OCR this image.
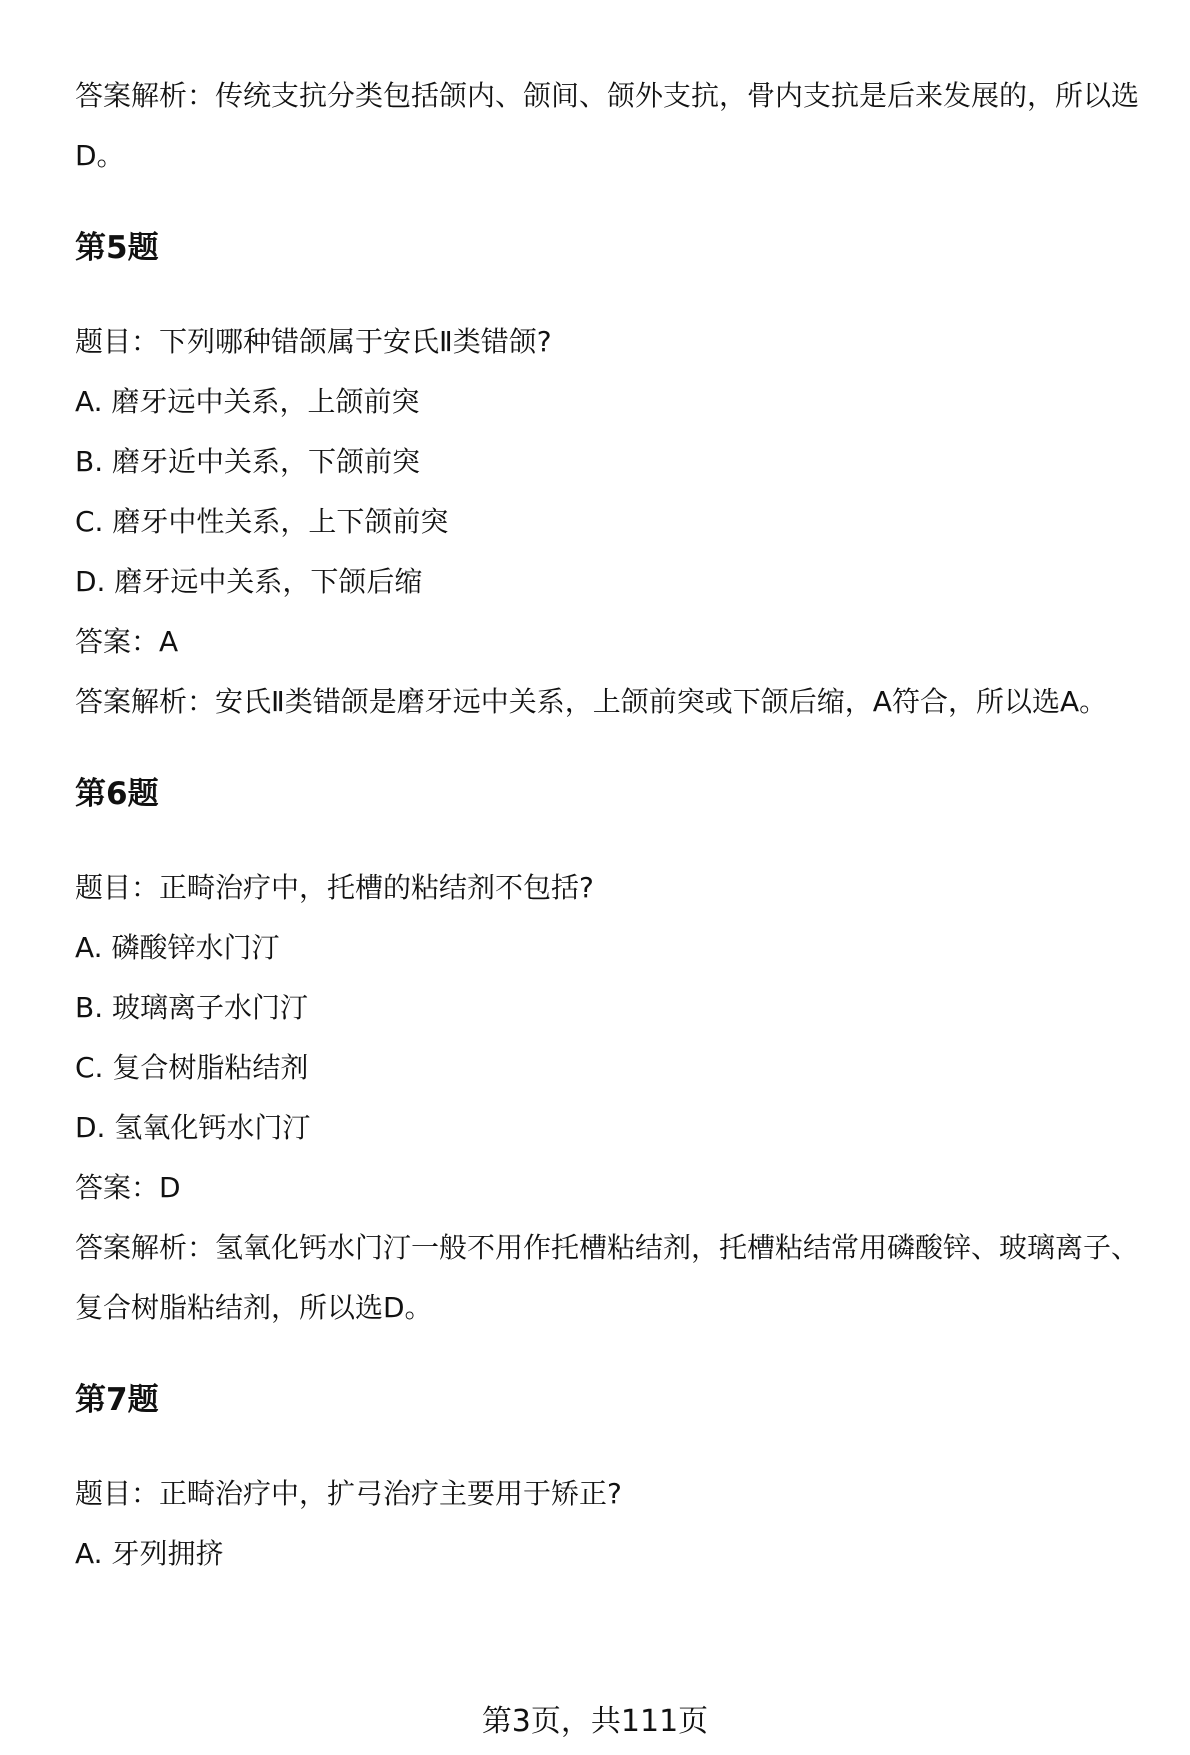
答案解析：传统支抗分类包括颌内、颌间、颌外支抗，骨内支抗是后来发展的，所以选D。
第5题
题目：下列哪种错颌属于安氏Ⅱ类错颌?
A. 磨牙远中关系，上颌前突
B. 磨牙近中关系，下颌前突
C. 磨牙中性关系，上下颌前突
D. 磨牙远中关系，下颌后缩
答案：A
答案解析：安氏Ⅱ类错颌是磨牙远中关系，上颌前突或下颌后缩，A符合，所以选A。
第6题
题目：正畸治疗中，托槽的粘结剂不包括?
A. 磷酸锌水门汀
B. 玻璃离子水门汀
C. 复合树脂粘结剂
D. 氢氧化钙水门汀
答案：D
答案解析：氢氧化钙水门汀一般不用作托槽粘结剂，托槽粘结常用磷酸锌、玻璃离子、复合树脂粘结剂，所以选D。
第7题
题目：正畸治疗中，扩弓治疗主要用于矫正?
A. 牙列拥挤
第3页，共111页
